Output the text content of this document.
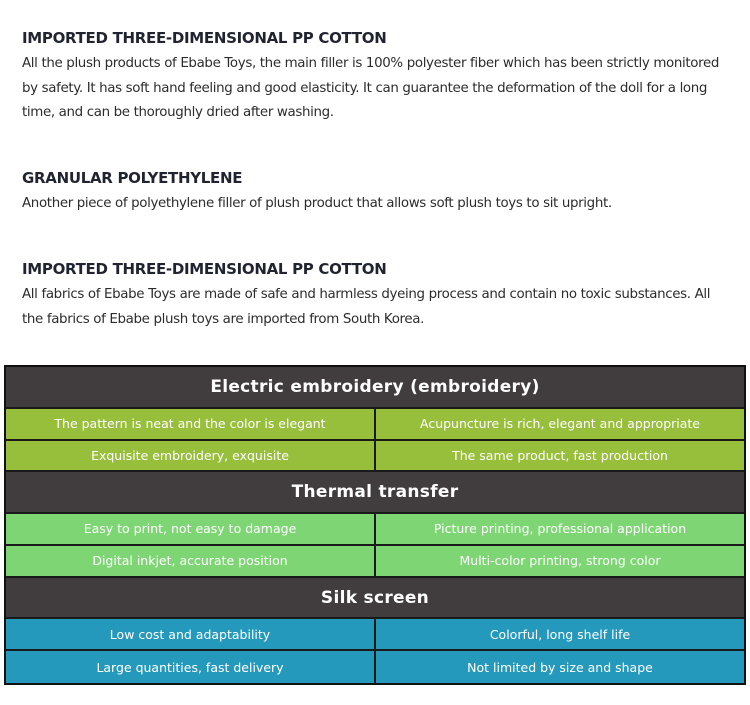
IMPORTED THREE-DIMENSIONAL PP COTTON

All the plush products of Ebabe Toys, the main filler is 100% polyester fiber which has been strictly monitored by safety. It has soft hand feeling and good elasticity. It can guarantee the deformation of the doll for a long time, and can be thoroughly dried after washing.

GRANULAR POLYETHYLENE

Another piece of polyethylene filler of plush product that allows soft plush toys to sit upright.

IMPORTED THREE-DIMENSIONAL PP COTTON

All fabrics of Ebabe Toys are made of safe and harmless dyeing process and contain no toxic substances. All the fabrics of Ebabe plush toys are imported from South Korea.

Electric embroidery (embroidery)
The pattern is neat and the color is elegant	Acupuncture is rich, elegant and appropriate
Exquisite embroidery, exquisite	The same product, fast production
Thermal transfer
Easy to print, not easy to damage	Picture printing, professional application
Digital inkjet, accurate position	Multi-color printing, strong color
Silk screen
Low cost and adaptability	Colorful, long shelf life
Large quantities, fast delivery	Not limited by size and shape
